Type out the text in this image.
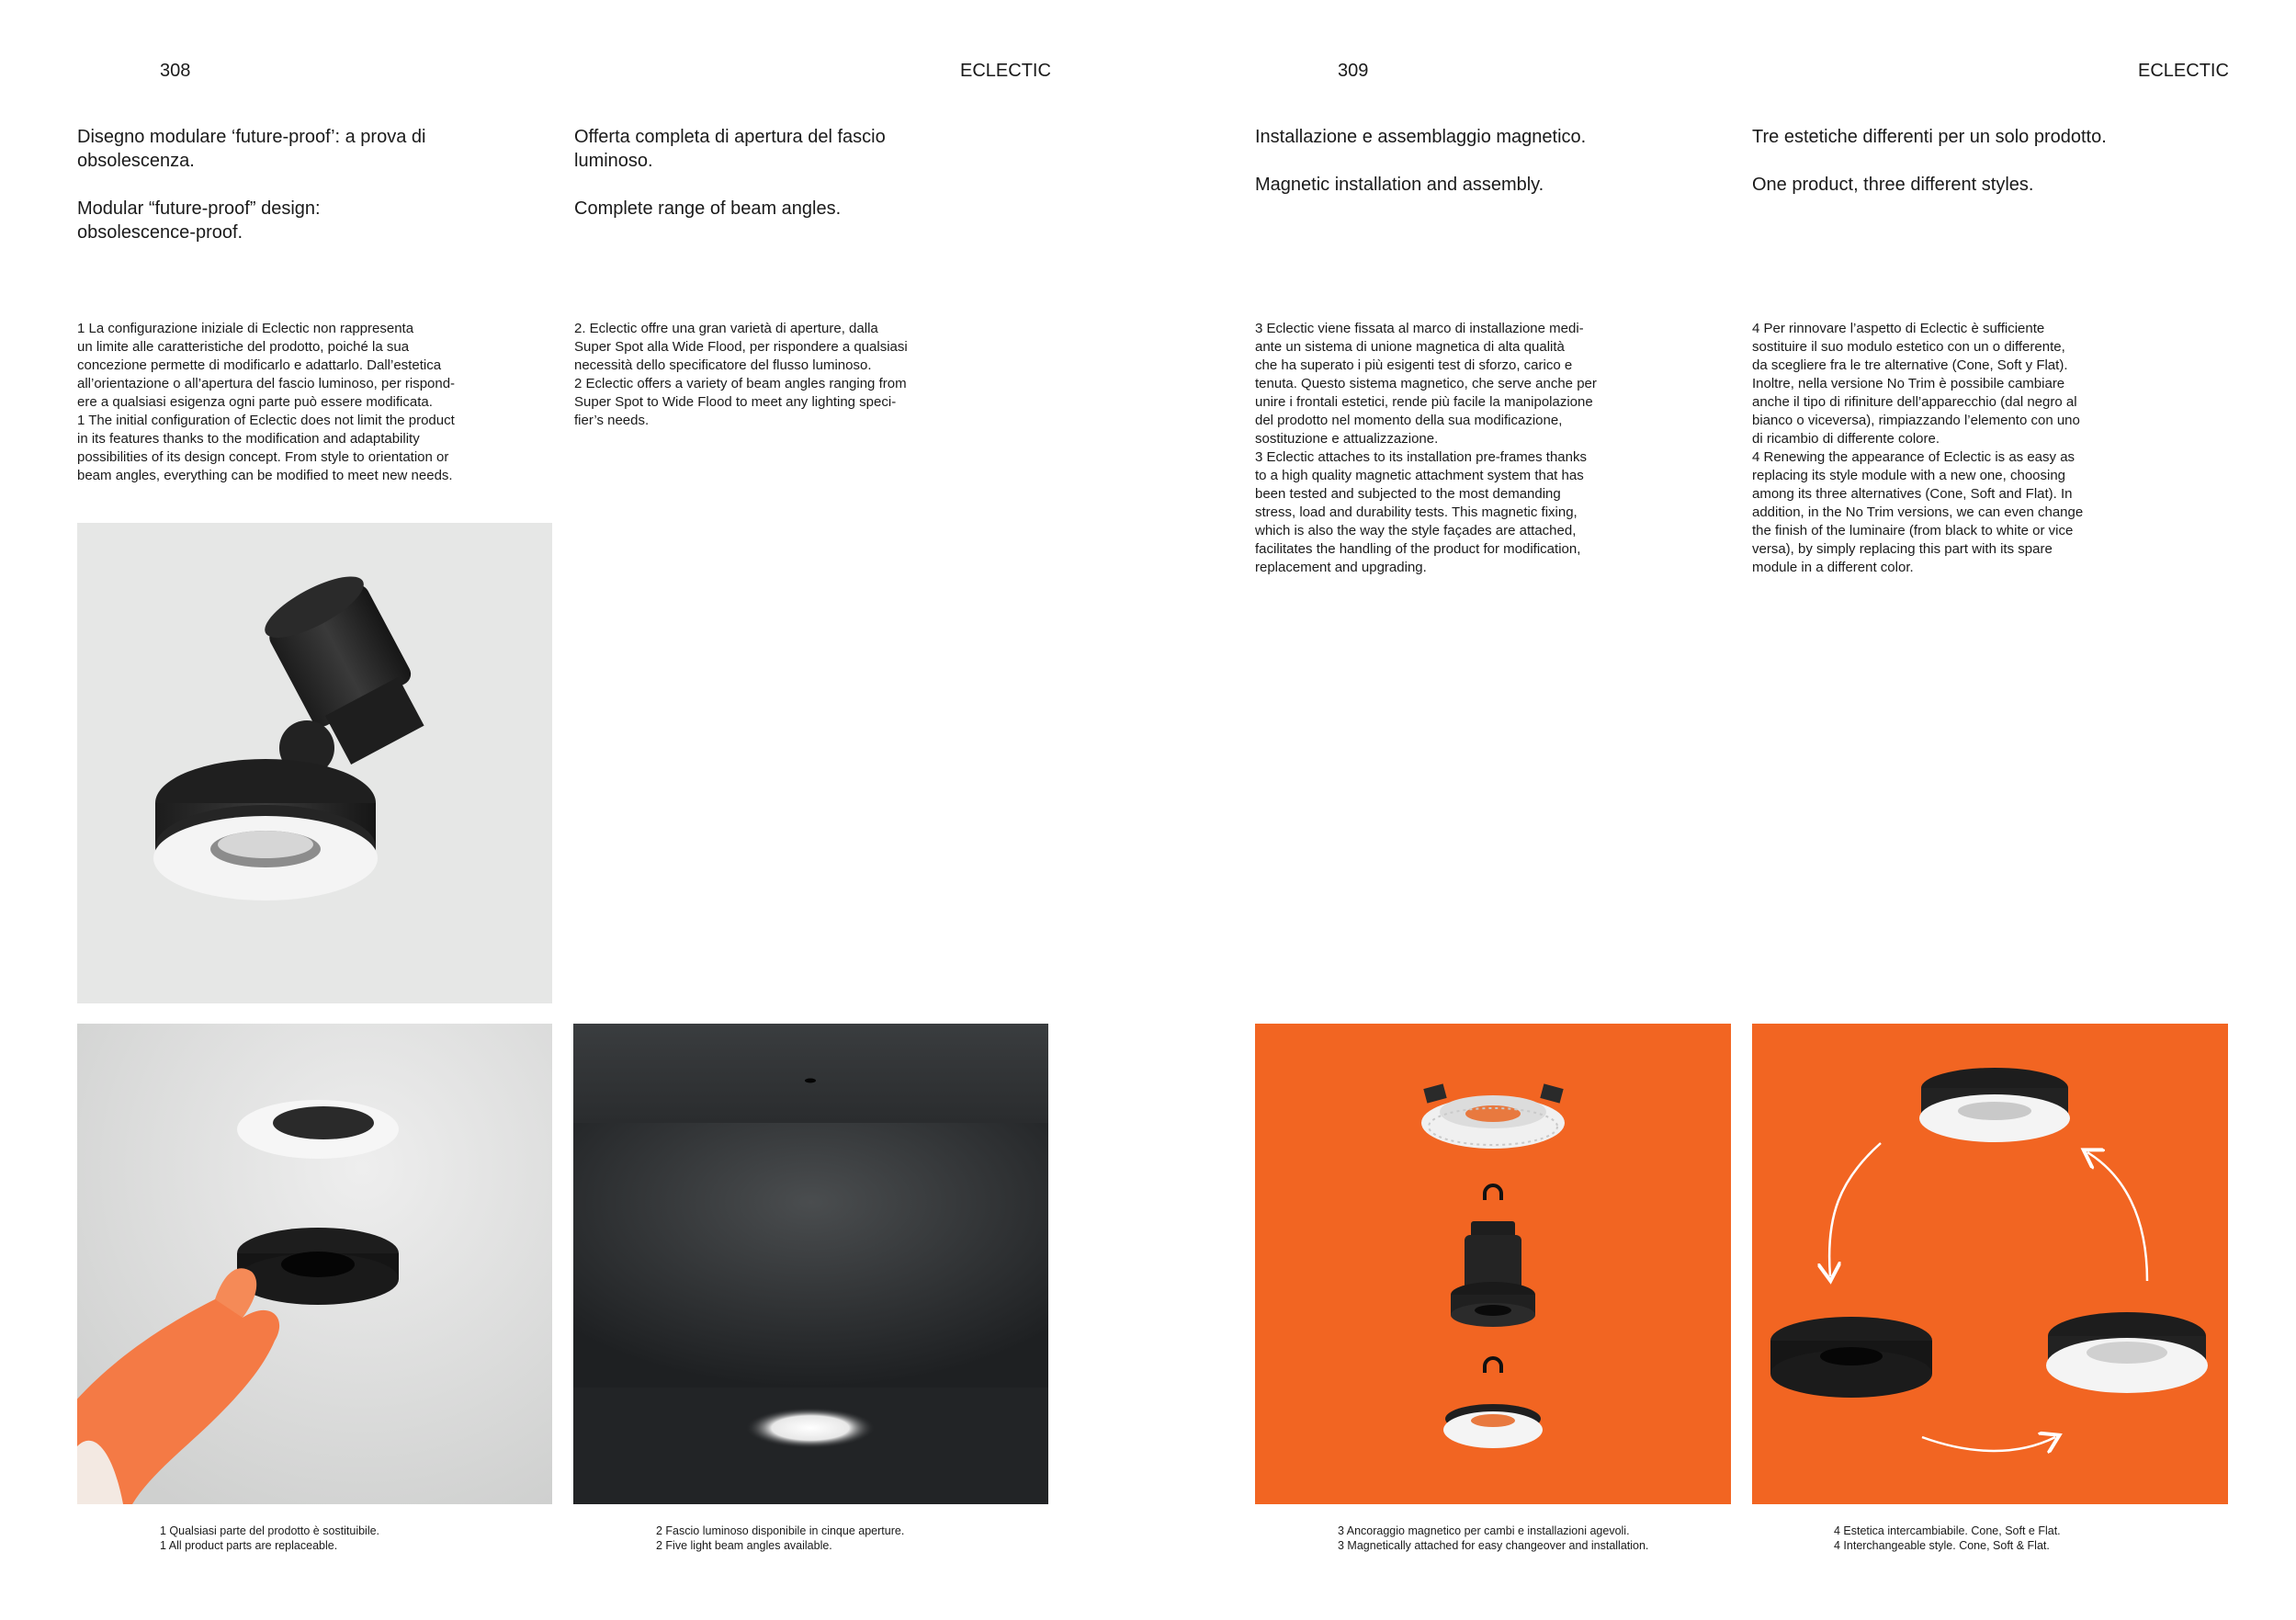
308	ECLECTIC
Disegno modulare ‘future-proof’: a prova di
obsolescenza.

Modular “future-proof” design:
obsolescence-proof.
Offerta completa di apertura del fascio
luminoso.

Complete range of beam angles.
1 La configurazione iniziale di Eclectic non rappresenta
un limite alle caratteristiche del prodotto, poiché la sua
concezione permette di modificarlo e adattarlo. Dall’estetica
all’orientazione o all’apertura del fascio luminoso, per rispond-
ere a qualsiasi esigenza ogni parte può essere modificata.
1 The initial configuration of Eclectic does not limit the product
in its features thanks to the modification and adaptability
possibilities of its design concept. From style to orientation or
beam angles, everything can be modified to meet new needs.
2. Eclectic offre una gran varietà di aperture, dalla
Super Spot alla Wide Flood, per rispondere a qualsiasi
necessità dello specificatore del flusso luminoso.
2 Eclectic offers a variety of beam angles ranging from
Super Spot to Wide Flood to meet any lighting speci-
fier’s needs.
1 Qualsiasi parte del prodotto è sostituibile.
1 All product parts are replaceable.
2 Fascio luminoso disponibile in cinque aperture.
2 Five light beam angles available.
309	ECLECTIC
Installazione e assemblaggio magnetico.

Magnetic installation and assembly.
Tre estetiche differenti per un solo prodotto.

One product, three different styles.
3 Eclectic viene fissata al marco di installazione medi-
ante un sistema di unione magnetica di alta qualità
che ha superato i più esigenti test di sforzo, carico e
tenuta. Questo sistema magnetico, che serve anche per
unire i frontali estetici, rende più facile la manipolazione
del prodotto nel momento della sua modificazione,
sostituzione e attualizzazione.
3 Eclectic attaches to its installation pre-frames thanks
to a high quality magnetic attachment system that has
been tested and subjected to the most demanding
stress, load and durability tests. This magnetic fixing,
which is also the way the style façades are attached,
facilitates the handling of the product for modification,
replacement and upgrading.
4 Per rinnovare l’aspetto di Eclectic è sufficiente
sostituire il suo modulo estetico con un o differente,
da scegliere fra le tre alternative (Cone, Soft y Flat).
Inoltre, nella versione No Trim è possibile cambiare
anche il tipo di rifiniture dell’apparecchio (dal negro al
bianco o viceversa), rimpiazzando l’elemento con uno
di ricambio di differente colore.
4 Renewing the appearance of Eclectic is as easy as
replacing its style module with a new one, choosing
among its three alternatives (Cone, Soft and Flat). In
addition, in the No Trim versions, we can even change
the finish of the luminaire (from black to white or vice
versa), by simply replacing this part with its spare
module in a different color.
3 Ancoraggio magnetico per cambi e installazioni agevoli.
3 Magnetically attached for easy changeover and installation.
4 Estetica intercambiabile. Cone, Soft e Flat.
4 Interchangeable style. Cone, Soft & Flat.
